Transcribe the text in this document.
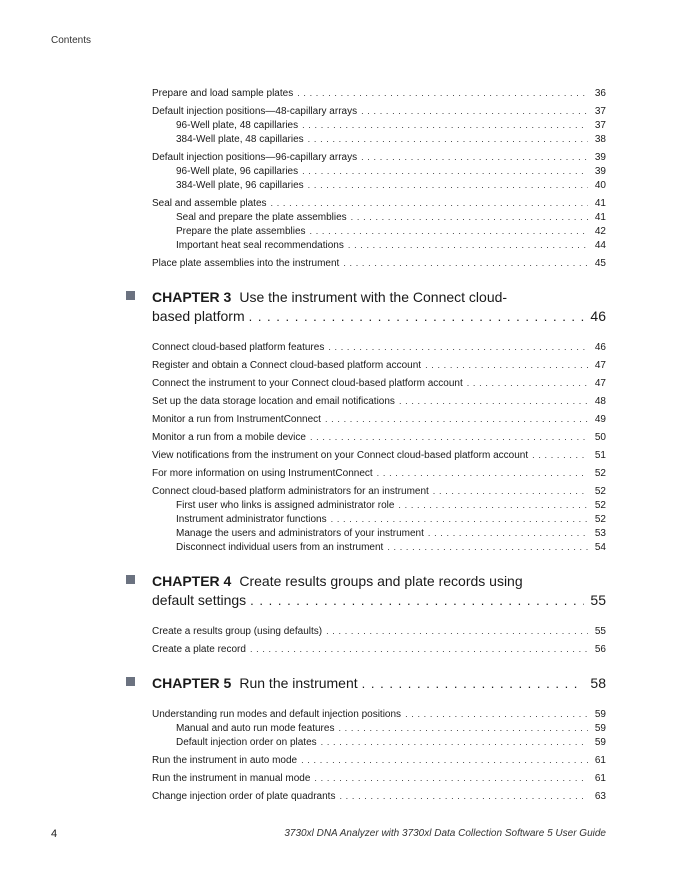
Contents
Prepare and load sample plates . . .	36
Default injection positions—48-capillary arrays . . .	37
96-Well plate, 48 capillaries . . .	37
384-Well plate, 48 capillaries . . .	38
Default injection positions—96-capillary arrays . . .	39
96-Well plate, 96 capillaries . . .	39
384-Well plate, 96 capillaries . . .	40
Seal and assemble plates . . .	41
Seal and prepare the plate assemblies . . .	41
Prepare the plate assemblies . . .	42
Important heat seal recommendations . . .	44
Place plate assemblies into the instrument . . .	45
CHAPTER 3 Use the instrument with the Connect cloud-
based platform . . .	46
Connect cloud-based platform features . . .	46
Register and obtain a Connect cloud-based platform account . . .	47
Connect the instrument to your Connect cloud-based platform account . . .	47
Set up the data storage location and email notifications . . .	48
Monitor a run from InstrumentConnect . . .	49
Monitor a run from a mobile device . . .	50
View notifications from the instrument on your Connect cloud-based platform account . . .	51
For more information on using InstrumentConnect . . .	52
Connect cloud-based platform administrators for an instrument . . .	52
First user who links is assigned administrator role . . .	52
Instrument administrator functions . . .	52
Manage the users and administrators of your instrument . . .	53
Disconnect individual users from an instrument . . .	54
CHAPTER 4 Create results groups and plate records using
default settings . . .	55
Create a results group (using defaults) . . .	55
Create a plate record . . .	56
CHAPTER 5 Run the instrument . . .	58
Understanding run modes and default injection positions . . .	59
Manual and auto run mode features . . .	59
Default injection order on plates . . .	59
Run the instrument in auto mode . . .	61
Run the instrument in manual mode . . .	61
Change injection order of plate quadrants . . .	63
4	3730xl DNA Analyzer with 3730xl Data Collection Software 5 User Guide
